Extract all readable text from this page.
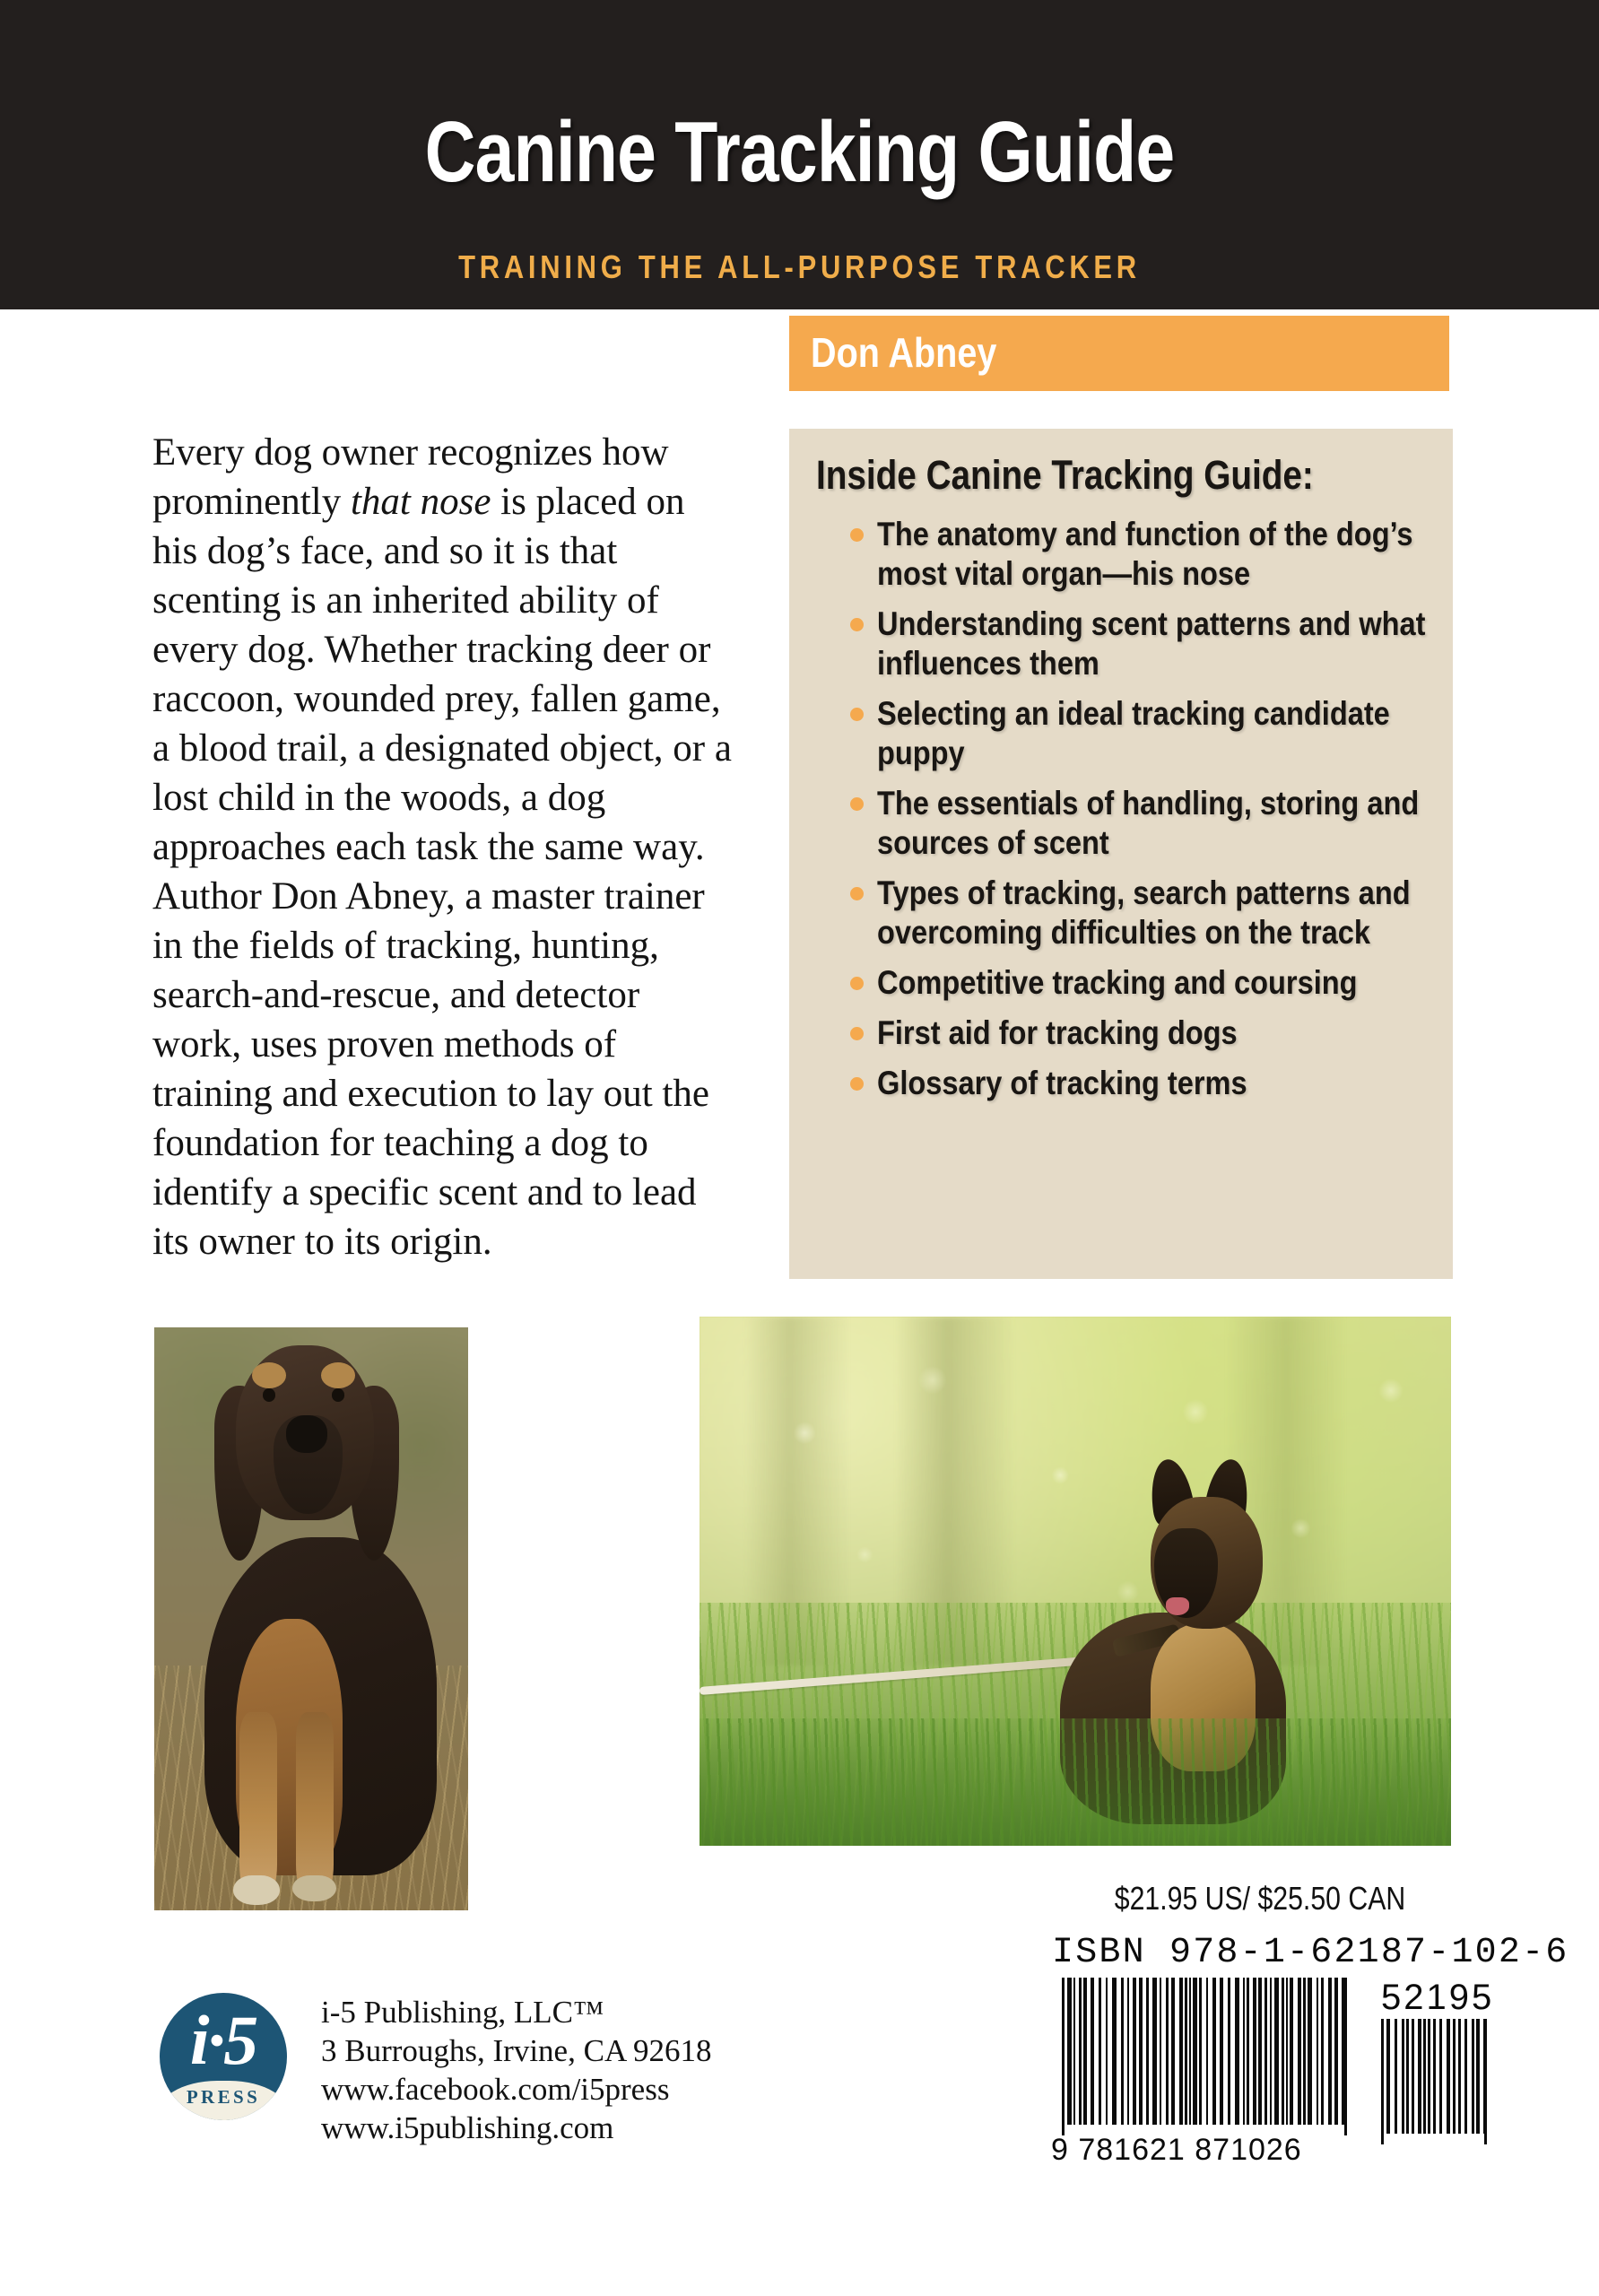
Canine Tracking Guide
TRAINING THE ALL-PURPOSE TRACKER
Don Abney
Every dog owner recognizes how prominently that nose is placed on his dog’s face, and so it is that scenting is an inherited ability of every dog. Whether tracking deer or raccoon, wounded prey, fallen game, a blood trail, a designated object, or a lost child in the woods, a dog approaches each task the same way. Author Don Abney, a master trainer in the fields of tracking, hunting, search-and-rescue, and detector work, uses proven methods of training and execution to lay out the foundation for teaching a dog to identify a specific scent and to lead its owner to its origin.
Inside Canine Tracking Guide:
The anatomy and function of the dog’s most vital organ—his nose
Understanding scent patterns and what influences them
Selecting an ideal tracking candidate puppy
The essentials of handling, storing and sources of scent
Types of tracking, search patterns and overcoming difficulties on the track
Competitive tracking and coursing
First aid for tracking dogs
Glossary of tracking terms
$21.95 US/ $25.50 CAN
ISBN 978-1-62187-102-6
52195
9 781621 871026
i·5
PRESS
i-5 Publishing, LLC™
3 Burroughs, Irvine, CA 92618
www.facebook.com/i5press
www.i5publishing.com
